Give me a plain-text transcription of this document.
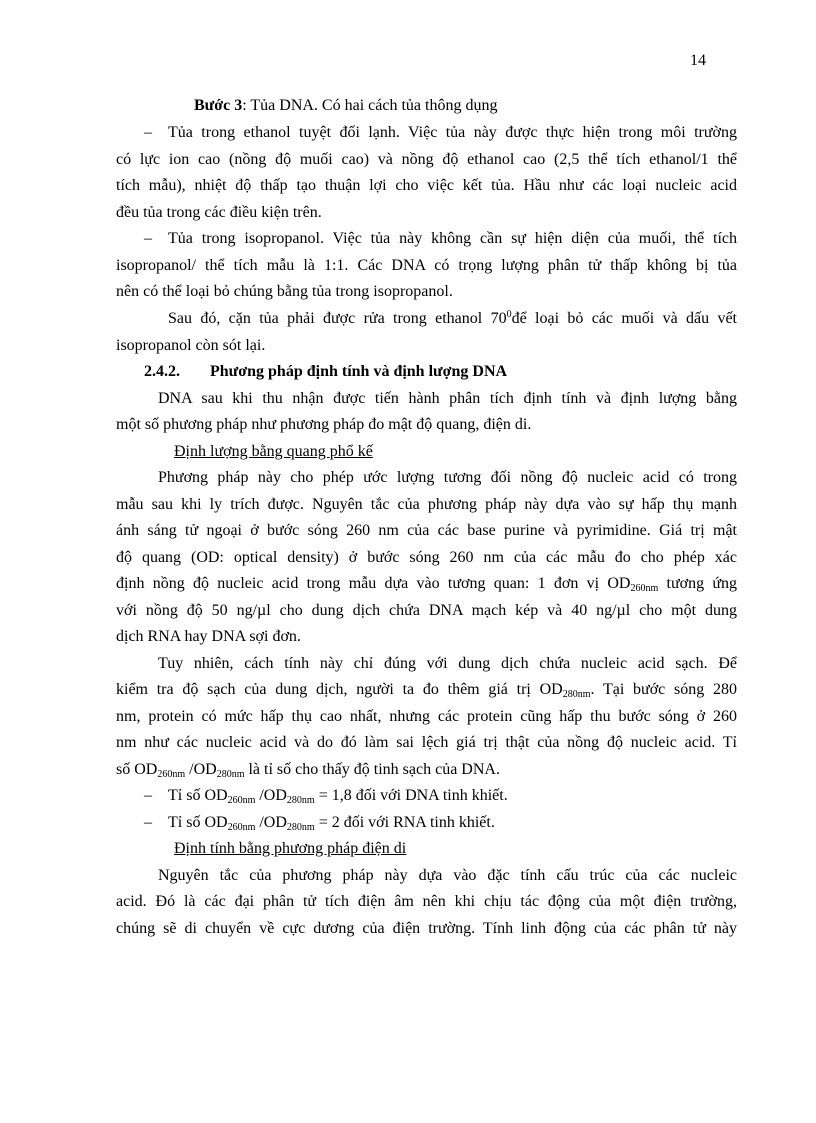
14
Bước 3: Tủa DNA. Có hai cách tủa thông dụng
– Tủa trong ethanol tuyệt đối lạnh. Việc tủa này được thực hiện trong môi trường
có lực ion cao (nồng độ muối cao) và nồng độ ethanol cao (2,5 thể tích ethanol/1 thể
tích mẫu), nhiệt độ thấp tạo thuận lợi cho việc kết tủa. Hầu như các loại nucleic acid
đều tủa trong các điều kiện trên.
– Tủa trong isopropanol. Việc tủa này không cần sự hiện diện của muối, thể tích
isopropanol/ thể tích mẫu là 1:1. Các DNA có trọng lượng phân tử thấp không bị tủa
nên có thể loại bỏ chúng bằng tủa trong isopropanol.
Sau đó, cặn tủa phải được rửa trong ethanol $70^0để$ loại bỏ các muối và dấu vết
isopropanol còn sót lại.
2.4.2. Phương pháp định tính và định lượng DNA
DNA sau khi thu nhận được tiến hành phân tích định tính và định lượng bằng
một số phương pháp như phương pháp đo mật độ quang, điện di.
Định lượng bằng quang phổ kế
Phương pháp này cho phép ước lượng tương đối nồng độ nucleic acid có trong
mẫu sau khi ly trích được. Nguyên tắc của phương pháp này dựa vào sự hấp thụ mạnh
ánh sáng tử ngoại ở bước sóng 260 nm của các base purine và pyrimidine. Giá trị mật
độ quang (OD: optical density) ở bước sóng 260 nm của các mẫu đo cho phép xác
định nồng độ nucleic acid trong mẫu dựa vào tương quan: 1 đơn vị $OD_{260nm}$ tương ứng
với nồng độ 50 ng/µl cho dung dịch chứa DNA mạch kép và 40 ng/µl cho một dung
dịch RNA hay DNA sợi đơn.
Tuy nhiên, cách tính này chỉ đúng với dung dịch chứa nucleic acid sạch. Để
kiểm tra độ sạch của dung dịch, người ta đo thêm giá trị $OD_{280nm}$. Tại bước sóng 280
nm, protein có mức hấp thụ cao nhất, nhưng các protein cũng hấp thu bước sóng ở 260
nm như các nucleic acid và do đó làm sai lệch giá trị thật của nồng độ nucleic acid. Tỉ
số $OD_{260nm}$ $/OD_{280nm}$ là tỉ số cho thấy độ tinh sạch của DNA.
– Tỉ số $OD_{260nm}$ $/OD_{280nm} = 1,8$ đối với DNA tinh khiết.
– Tỉ số $OD_{260nm}$ $/OD_{280nm} = 2$ đối với RNA tinh khiết.
Định tính bằng phương pháp điện di
Nguyên tắc của phương pháp này dựa vào đặc tính cấu trúc của các nucleic
acid. Đó là các đại phân tử tích điện âm nên khi chịu tác động của một điện trường,
chúng sẽ di chuyển về cực dương của điện trường. Tính linh động của các phân tử này
